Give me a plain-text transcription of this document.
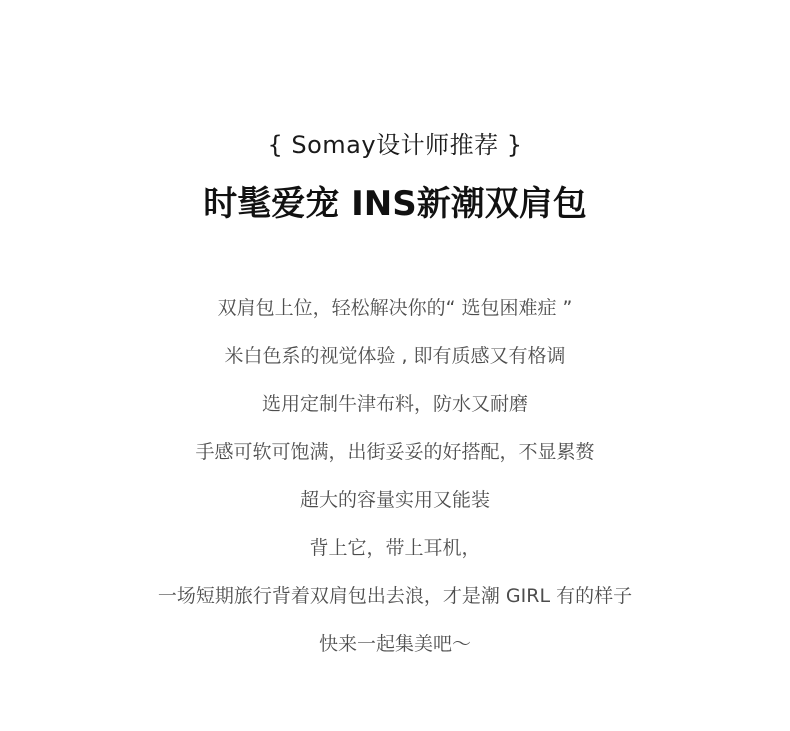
{ Somay设计师推荐 }
时髦爱宠 INS新潮双肩包
双肩包上位，轻松解决你的“ 选包困难症 ”
米白色系的视觉体验 , 即有质感又有格调
选用定制牛津布料，防水又耐磨
手感可软可饱满，出街妥妥的好搭配，不显累赘
超大的容量实用又能装
背上它，带上耳机，
一场短期旅行背着双肩包出去浪，才是潮 GIRL 有的样子
快来一起集美吧～
